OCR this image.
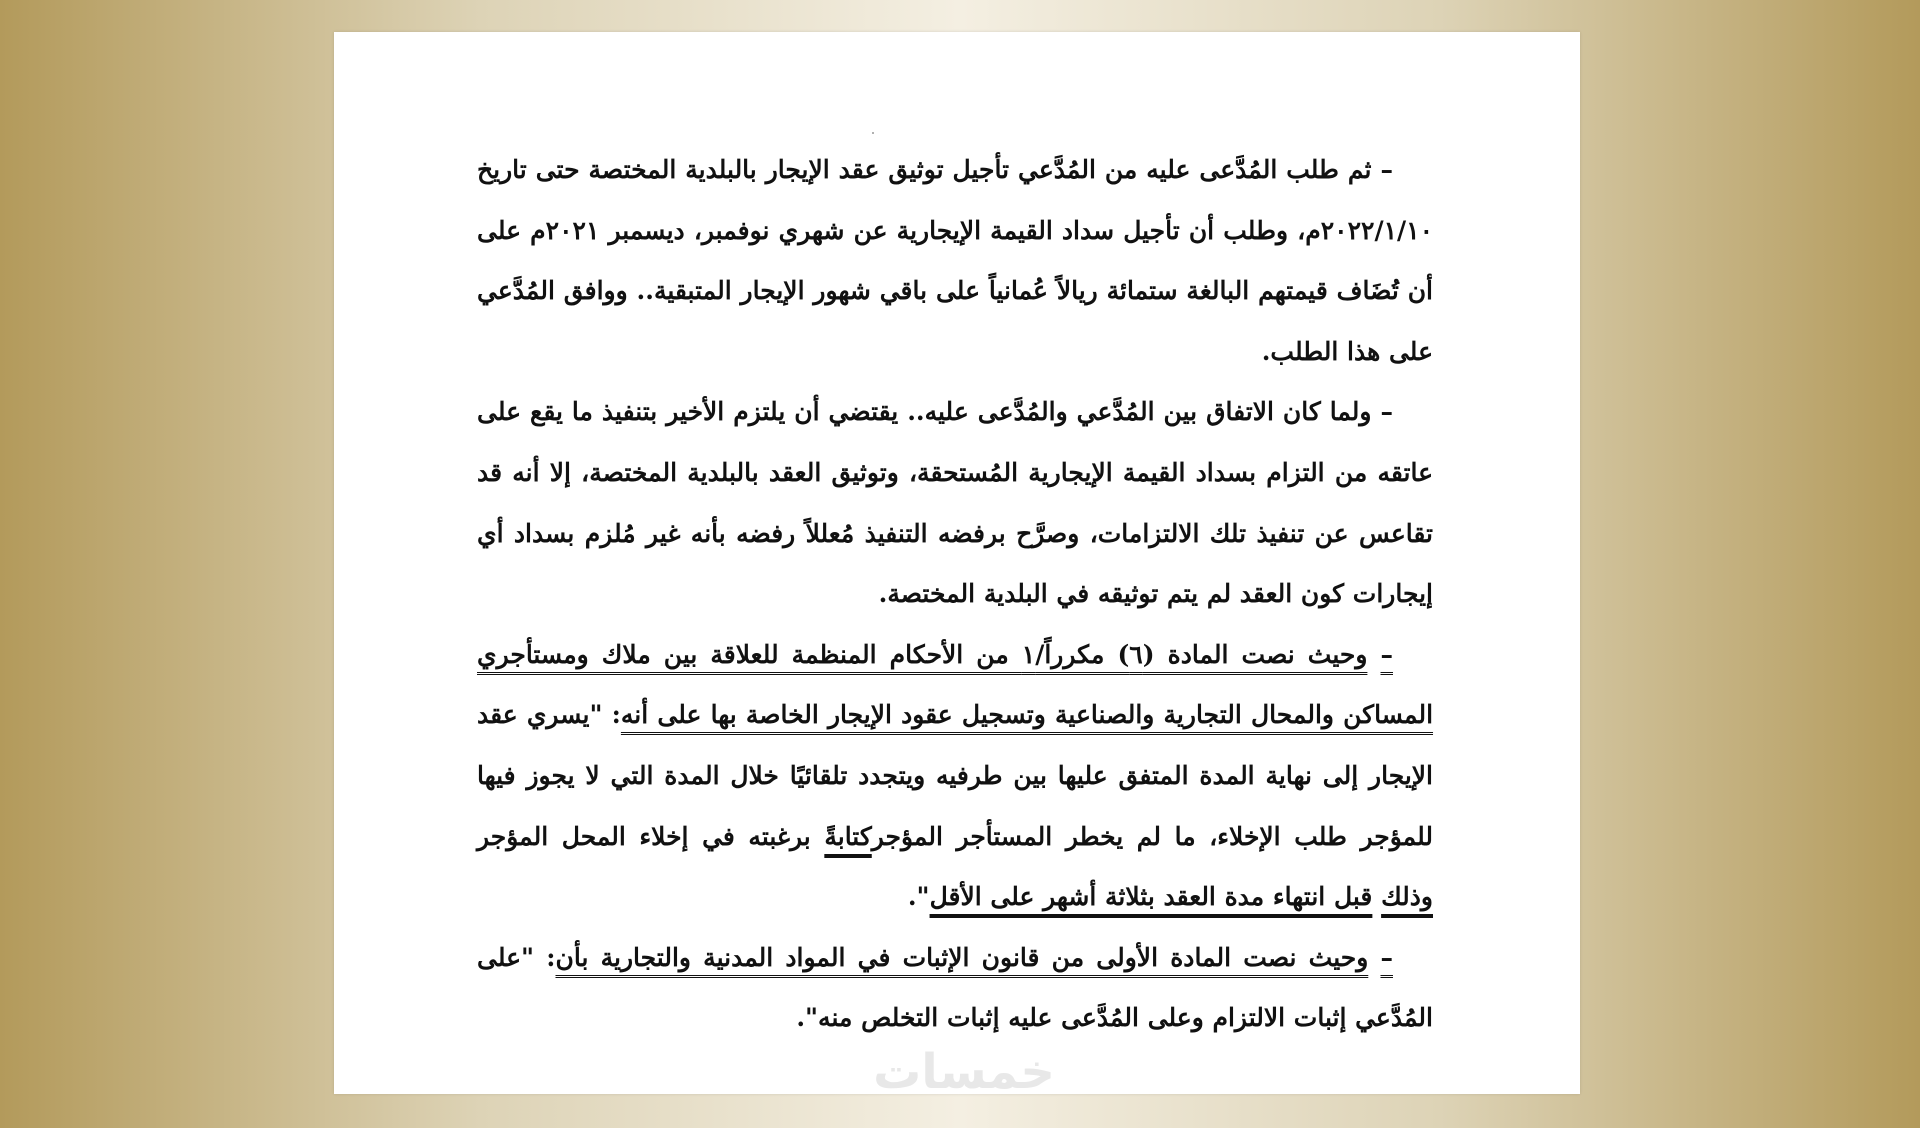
– ثم طلب المُدَّعى عليه من المُدَّعي تأجيل توثيق عقد الإيجار بالبلدية المختصة حتى تاريخ ٢٠٢٢/١/١٠م، وطلب أن تأجيل سداد القيمة الإيجارية عن شهري نوفمبر، ديسمبر ٢٠٢١م على أن تُضَاف قيمتهم البالغة ستمائة ريالاً عُمانياً على باقي شهور الإيجار المتبقية.. ووافق المُدَّعي على هذا الطلب.

– ولما كان الاتفاق بين المُدَّعي والمُدَّعى عليه.. يقتضي أن يلتزم الأخير بتنفيذ ما يقع على عاتقه من التزام بسداد القيمة الإيجارية المُستحقة، وتوثيق العقد بالبلدية المختصة، إلا أنه قد تقاعس عن تنفيذ تلك الالتزامات، وصرَّح برفضه التنفيذ مُعللاً رفضه بأنه غير مُلزم بسداد أي إيجارات كون العقد لم يتم توثيقه في البلدية المختصة.

– وحيث نصت المادة (٦) مكرراً/١ من الأحكام المنظمة للعلاقة بين ملاك ومستأجري المساكن والمحال التجارية والصناعية وتسجيل عقود الإيجار الخاصة بها على أنه: "يسري عقد الإيجار إلى نهاية المدة المتفق عليها بين طرفيه ويتجدد تلقائيًا خلال المدة التي لا يجوز فيها للمؤجر طلب الإخلاء، ما لم يخطر المستأجر المؤجركتابةً برغبته في إخلاء المحل المؤجر وذلك قبل انتهاء مدة العقد بثلاثة أشهر على الأقل".

– وحيث نصت المادة الأولى من قانون الإثبات في المواد المدنية والتجارية بأن: "على المُدَّعي إثبات الالتزام وعلى المُدَّعى عليه إثبات التخلص منه".

خمسات
